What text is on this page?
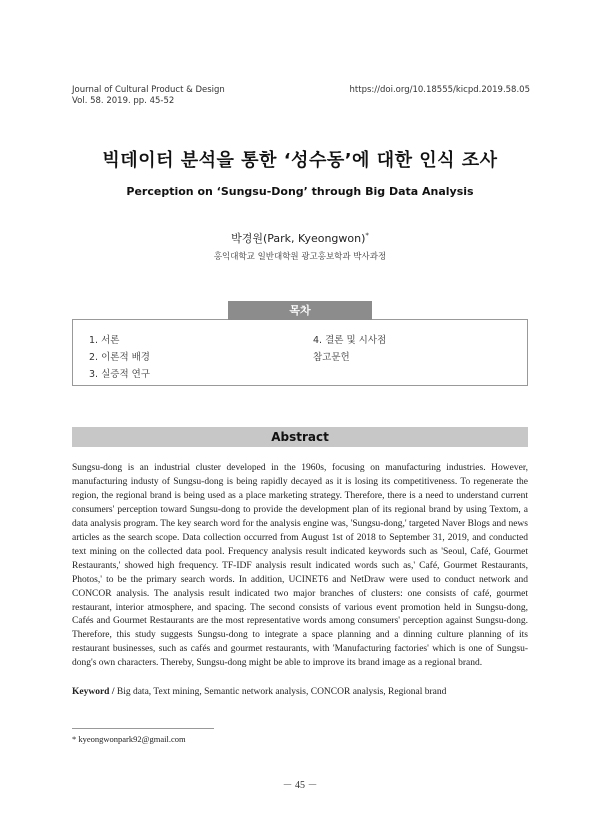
Journal of Cultural Product & Design
Vol. 58. 2019. pp. 45-52
https://doi.org/10.18555/kicpd.2019.58.05
빅데이터 분석을 통한 ‘성수동’에 대한 인식 조사
Perception on ‘Sungsu-Dong’ through Big Data Analysis
박경원(Park, Kyeongwon)*
홍익대학교 일반대학원 광고홍보학과 박사과정
1. 서론
2. 이론적 배경
3. 실증적 연구
4. 결론 및 시사점
참고문헌
목차
Abstract
Sungsu-dong is an industrial cluster developed in the 1960s, focusing on manufacturing industries. However, manufacturing industy of Sungsu-dong is being rapidly decayed as it is losing its competitiveness. To regenerate the region, the regional brand is being used as a place marketing strategy. Therefore, there is a need to understand current consumers' perception toward Sungsu-dong to provide the development plan of its regional brand by using Textom, a data analysis program. The key search word for the analysis engine was, 'Sungsu-dong,' targeted Naver Blogs and news articles as the search scope. Data collection occurred from August 1st of 2018 to September 31, 2019, and conducted text mining on the collected data pool. Frequency analysis result indicated keywords such as 'Seoul, Café, Gourmet Restaurants,' showed high frequency. TF-IDF analysis result indicated words such as,' Café, Gourmet Restaurants, Photos,' to be the primary search words. In addition, UCINET6 and NetDraw were used to conduct network and CONCOR analysis. The analysis result indicated two major branches of clusters: one consists of café, gourmet restaurant, interior atmosphere, and spacing. The second consists of various event promotion held in Sungsu-dong, Cafés and Gourmet Restaurants are the most representative words among consumers' perception against Sungsu-dong. Therefore, this study suggests Sungsu-dong to integrate a space planning and a dinning culture planning of its restaurant businesses, such as cafés and gourmet restaurants, with 'Manufacturing factories' which is one of Sungsu-dong's own characters. Thereby, Sungsu-dong might be able to improve its brand image as a regional brand.
Keyword / Big data, Text mining, Semantic network analysis, CONCOR analysis, Regional brand
* kyeongwonpark92@gmail.com
－ 45 －
